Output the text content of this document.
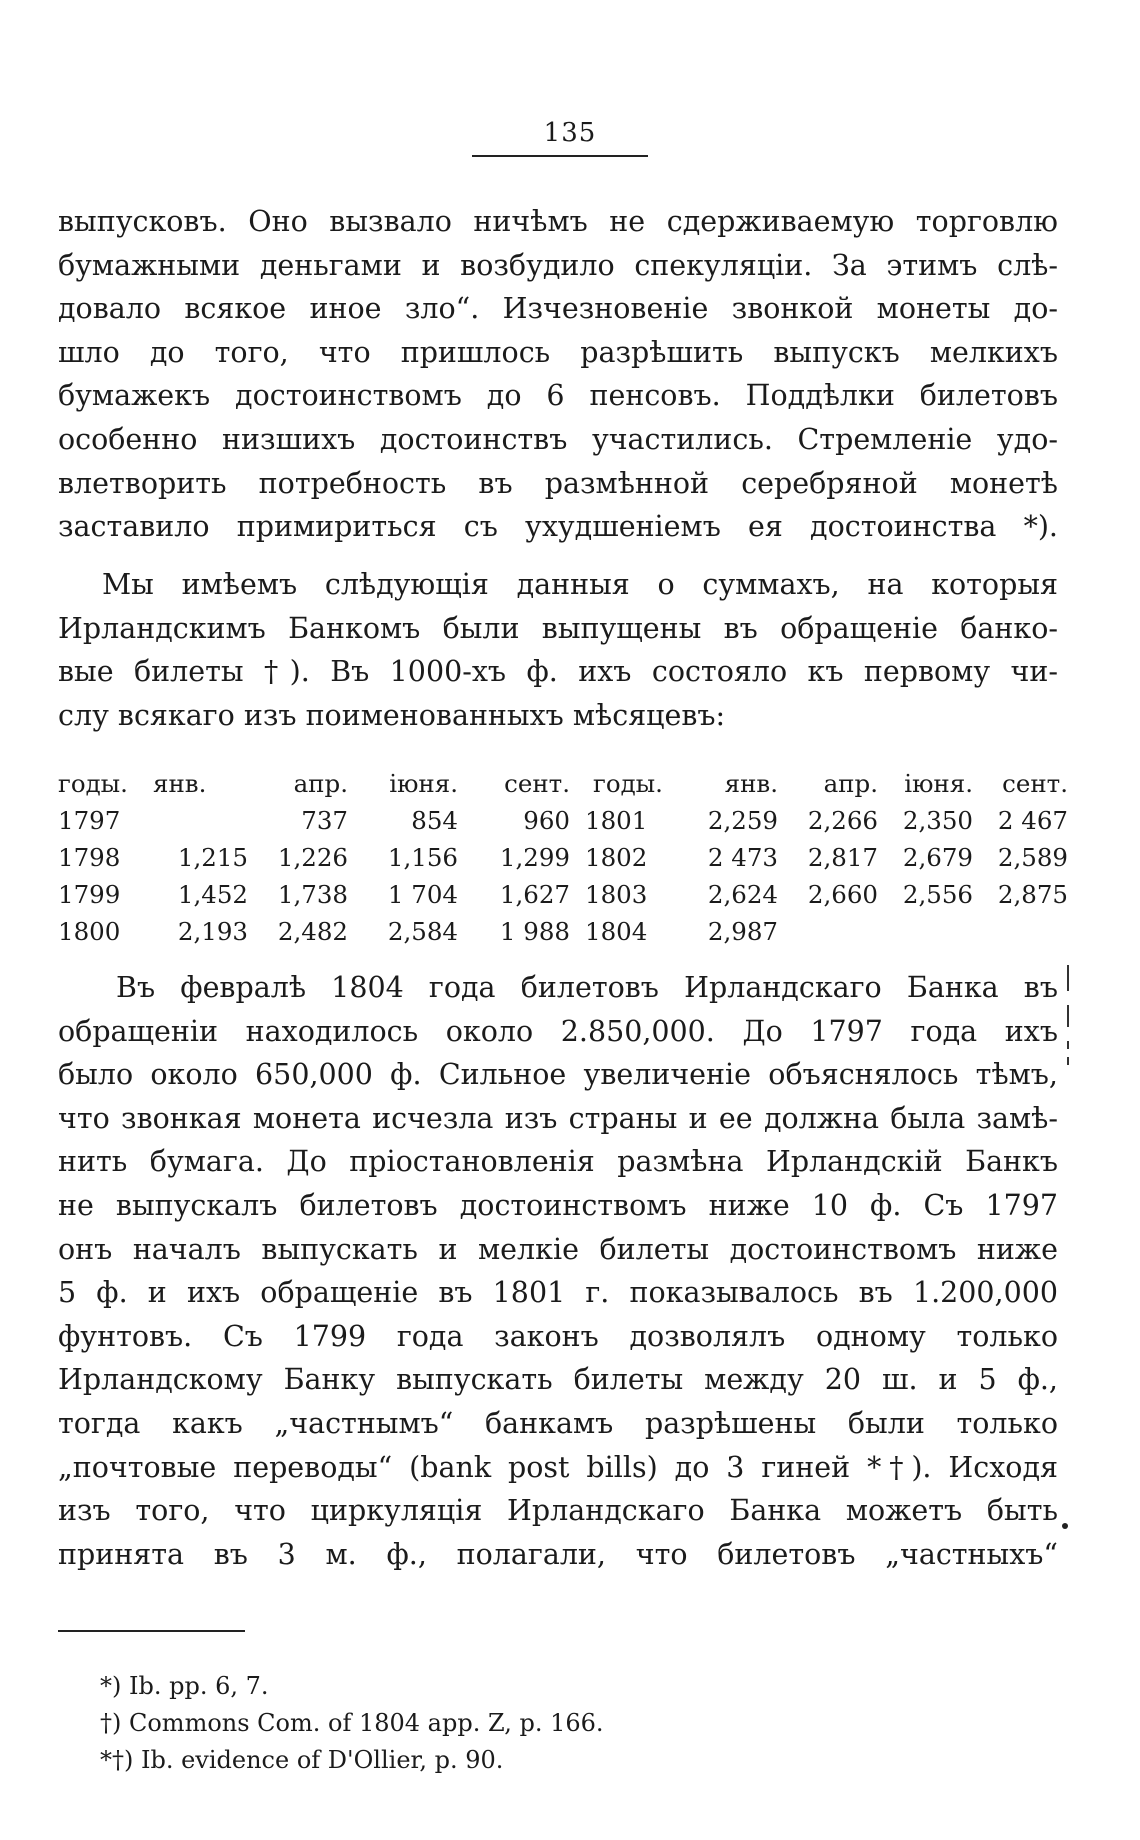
135
выпусковъ. Оно вызвало ничѣмъ не сдерживаемую торговлю
бумажными деньгами и возбудило спекуляціи. За этимъ слѣ-
довало всякое иное зло“. Изчезновеніе звонкой монеты до-
шло до того, что пришлось разрѣшить выпускъ мелкихъ
бумажекъ достоинствомъ до 6 пенсовъ. Поддѣлки билетовъ
особенно низшихъ достоинствъ участились. Стремленіе удо-
влетворить потребность въ размѣнной серебряной монетѣ
заставило примириться съ ухудшеніемъ ея достоинства *).
Мы имѣемъ слѣдующія данныя о суммахъ, на которыя
Ирландскимъ Банкомъ были выпущены въ обращеніе банко-
вые билеты †). Въ 1000-хъ ф. ихъ состояло къ первому чи-
слу всякаго изъ поименованныхъ мѣсяцевъ:
годы.	янв.	апр.	іюня.	сент.
1797		737	854	960
1798	1,215	1,226	1,156	1,299
1799	1,452	1,738	1 704	1,627
1800	2,193	2,482	2,584	1 988
годы.	янв.	апр.	іюня.	сент.
1801	2,259	2,266	2,350	2 467
1802	2 473	2,817	2,679	2,589
1803	2,624	2,660	2,556	2,875
1804	2,987			
Въ февралѣ 1804 года билетовъ Ирландскаго Банка въ
обращеніи находилось около 2.850,000. До 1797 года ихъ
было около 650,000 ф. Сильное увеличеніе объяснялось тѣмъ,
что звонкая монета исчезла изъ страны и ее должна была замѣ-
нить бумага. До пріостановленія размѣна Ирландскій Банкъ
не выпускалъ билетовъ достоинствомъ ниже 10 ф. Съ 1797
онъ началъ выпускать и мелкіе билеты достоинствомъ ниже
5 ф. и ихъ обращеніе въ 1801 г. показывалось въ 1.200,000
фунтовъ. Съ 1799 года законъ дозволялъ одному только
Ирландскому Банку выпускать билеты между 20 ш. и 5 ф.,
тогда какъ „частнымъ“ банкамъ разрѣшены были только
„почтовые переводы“ (bank post bills) до 3 гиней *†). Исходя
изъ того, что циркуляція Ирландскаго Банка можетъ быть
принята въ 3 м. ф., полагали, что билетовъ „частныхъ“
*) Ib. pp. 6, 7.
†) Commons Com. of 1804 app. Z, p. 166.
*†) Ib. evidence of D'Ollier, p. 90.
